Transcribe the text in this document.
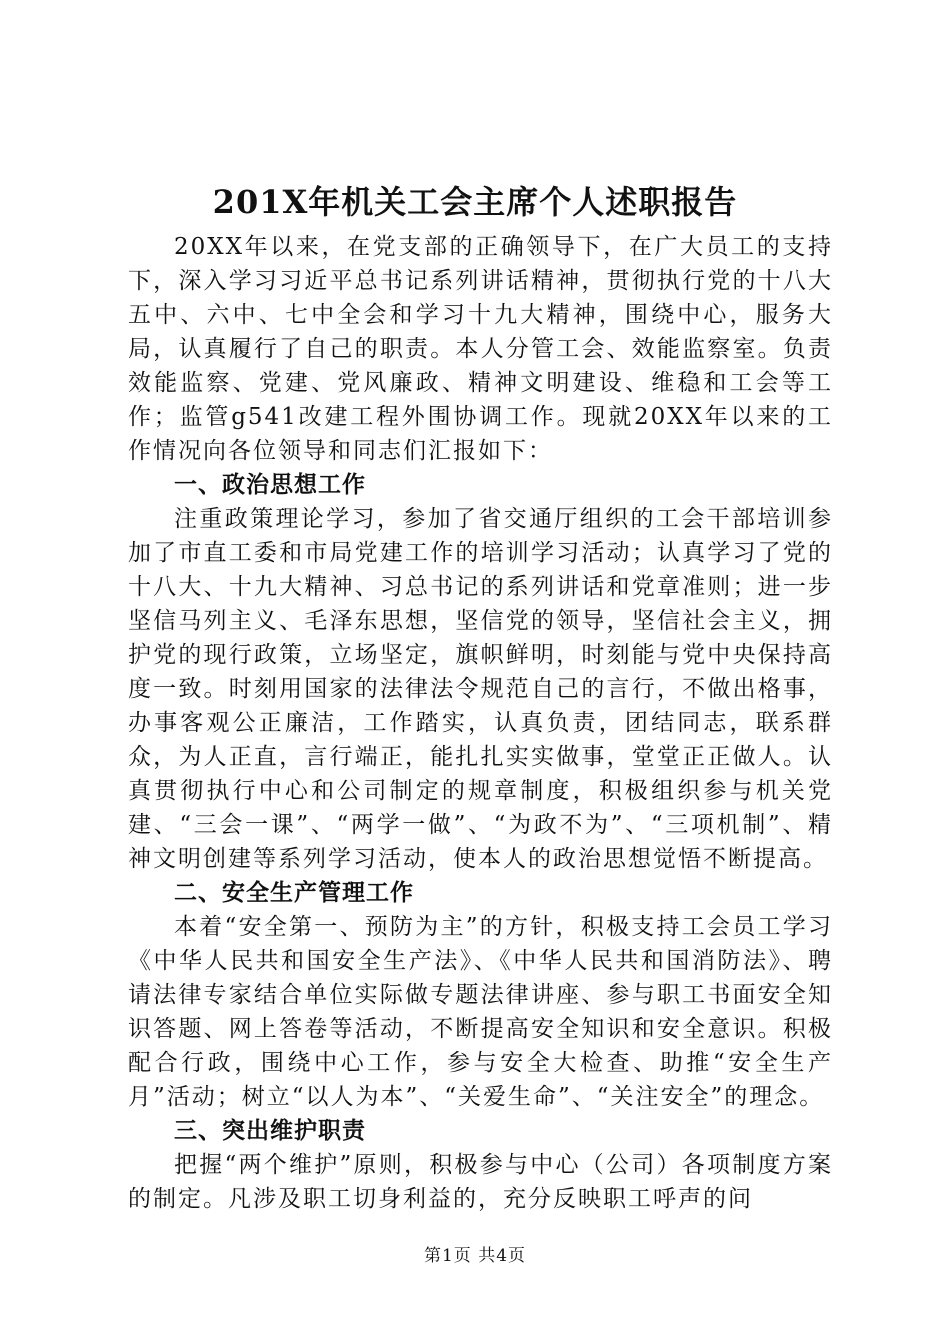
201X年机关工会主席个人述职报告

20XX年以来，在党支部的正确领导下，在广大员工的支持下，深入学习习近平总书记系列讲话精神，贯彻执行党的十八大五中、六中、七中全会和学习十九大精神，围绕中心，服务大局，认真履行了自己的职责。本人分管工会、效能监察室。负责效能监察、党建、党风廉政、精神文明建设、维稳和工会等工作；监管g541改建工程外围协调工作。现就20XX年以来的工作情况向各位领导和同志们汇报如下：

一、政治思想工作

注重政策理论学习，参加了省交通厅组织的工会干部培训参加了市直工委和市局党建工作的培训学习活动；认真学习了党的十八大、十九大精神、习总书记的系列讲话和党章准则；进一步坚信马列主义、毛泽东思想，坚信党的领导，坚信社会主义，拥护党的现行政策，立场坚定，旗帜鲜明，时刻能与党中央保持高度一致。时刻用国家的法律法令规范自己的言行，不做出格事，办事客观公正廉洁，工作踏实，认真负责，团结同志，联系群众，为人正直，言行端正，能扎扎实实做事，堂堂正正做人。认真贯彻执行中心和公司制定的规章制度，积极组织参与机关党建、“三会一课”、“两学一做”、“为政不为”、“三项机制”、精神文明创建等系列学习活动，使本人的政治思想觉悟不断提高。

二、安全生产管理工作

本着“安全第一、预防为主”的方针，积极支持工会员工学习《中华人民共和国安全生产法》、《中华人民共和国消防法》、聘请法律专家结合单位实际做专题法律讲座、参与职工书面安全知识答题、网上答卷等活动，不断提高安全知识和安全意识。积极配合行政，围绕中心工作，参与安全大检查、助推“安全生产月”活动；树立“以人为本”、“关爱生命”、“关注安全”的理念。

三、突出维护职责

把握“两个维护”原则，积极参与中心（公司）各项制度方案的制定。凡涉及职工切身利益的，充分反映职工呼声的问

第1页 共4页
